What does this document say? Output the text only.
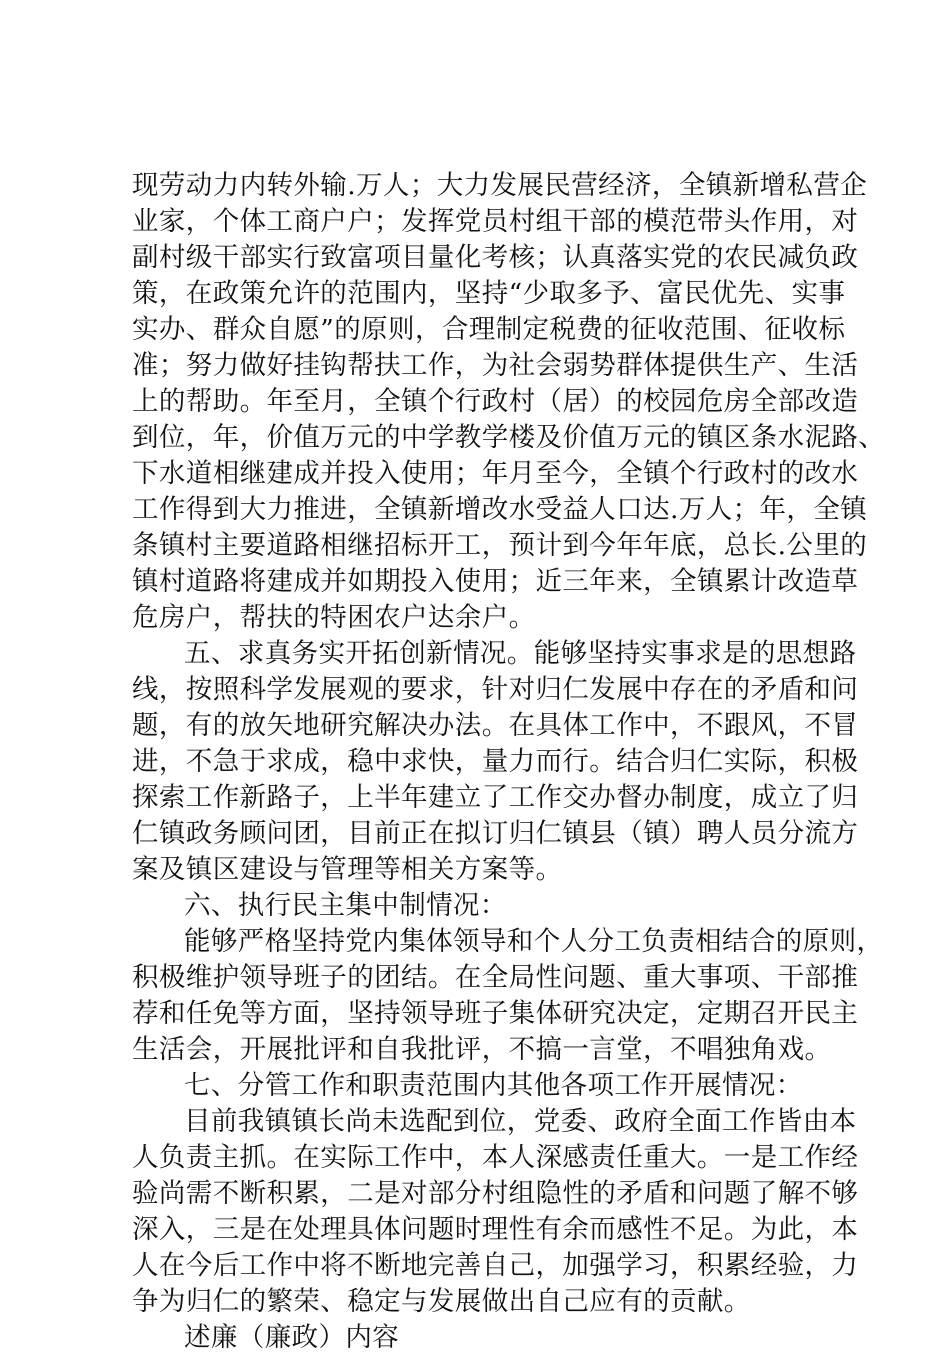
现劳动力内转外输.万人；大力发展民营经济，全镇新增私营企
业家，个体工商户户；发挥党员村组干部的模范带头作用，对
副村级干部实行致富项目量化考核；认真落实党的农民减负政
策，在政策允许的范围内，坚持“少取多予、富民优先、实事
实办、群众自愿”的原则，合理制定税费的征收范围、征收标
准；努力做好挂钩帮扶工作，为社会弱势群体提供生产、生活
上的帮助。年至月，全镇个行政村（居）的校园危房全部改造
到位，年，价值万元的中学教学楼及价值万元的镇区条水泥路、
下水道相继建成并投入使用；年月至今，全镇个行政村的改水
工作得到大力推进，全镇新增改水受益人口达.万人；年，全镇
条镇村主要道路相继招标开工，预计到今年年底，总长.公里的
镇村道路将建成并如期投入使用；近三年来，全镇累计改造草
危房户，帮扶的特困农户达余户。
五、求真务实开拓创新情况。能够坚持实事求是的思想路
线，按照科学发展观的要求，针对归仁发展中存在的矛盾和问
题，有的放矢地研究解决办法。在具体工作中，不跟风，不冒
进，不急于求成，稳中求快，量力而行。结合归仁实际，积极
探索工作新路子，上半年建立了工作交办督办制度，成立了归
仁镇政务顾问团，目前正在拟订归仁镇县（镇）聘人员分流方
案及镇区建设与管理等相关方案等。
六、执行民主集中制情况：
能够严格坚持党内集体领导和个人分工负责相结合的原则，
积极维护领导班子的团结。在全局性问题、重大事项、干部推
荐和任免等方面，坚持领导班子集体研究决定，定期召开民主
生活会，开展批评和自我批评，不搞一言堂，不唱独角戏。
七、分管工作和职责范围内其他各项工作开展情况：
目前我镇镇长尚未选配到位，党委、政府全面工作皆由本
人负责主抓。在实际工作中，本人深感责任重大。一是工作经
验尚需不断积累，二是对部分村组隐性的矛盾和问题了解不够
深入，三是在处理具体问题时理性有余而感性不足。为此，本
人在今后工作中将不断地完善自己，加强学习，积累经验，力
争为归仁的繁荣、稳定与发展做出自己应有的贡献。
述廉（廉政）内容
